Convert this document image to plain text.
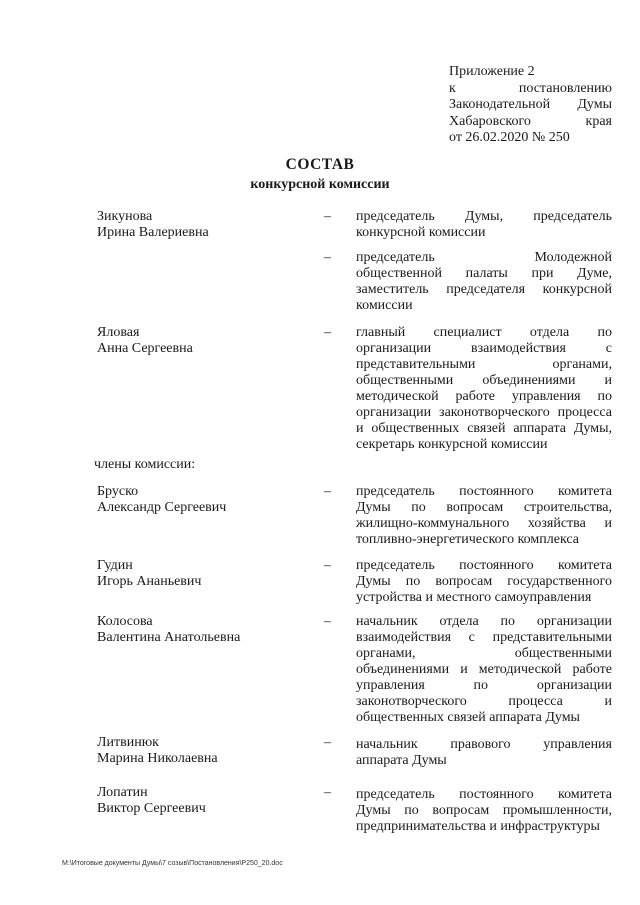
Приложение 2
к постановлению
Законодательной Думы
Хабаровского края
от 26.02.2020 № 250
СОСТАВ
конкурсной комиссии
Зикунова
Ирина Валериевна
–	председатель Думы, председатель
конкурсной комиссии
–	председатель Молодежной
общественной палаты при Думе,
заместитель председателя конкурсной
комиссии
Яловая
Анна Сергеевна
–	главный специалист отдела по
организации взаимодействия с
представительными органами,
общественными объединениями и
методической работе управления по
организации законотворческого процесса
и общественных связей аппарата Думы,
секретарь конкурсной комиссии
члены комиссии:
Бруско
Александр Сергеевич
–	председатель постоянного комитета
Думы по вопросам строительства,
жилищно-коммунального хозяйства и
топливно-энергетического комплекса
Гудин
Игорь Ананьевич
–	председатель постоянного комитета
Думы по вопросам государственного
устройства и местного самоуправления
Колосова
Валентина Анатольевна
–	начальник отдела по организации
взаимодействия с представительными
органами, общественными
объединениями и методической работе
управления по организации
законотворческого процесса и
общественных связей аппарата Думы
Литвинюк
Марина Николаевна
–	начальник правового управления
аппарата Думы
Лопатин
Виктор Сергеевич
–	председатель постоянного комитета
Думы по вопросам промышленности,
предпринимательства и инфраструктуры
М:\Итоговые документы Думы\7 созыв\Постановления\P250_20.doc
